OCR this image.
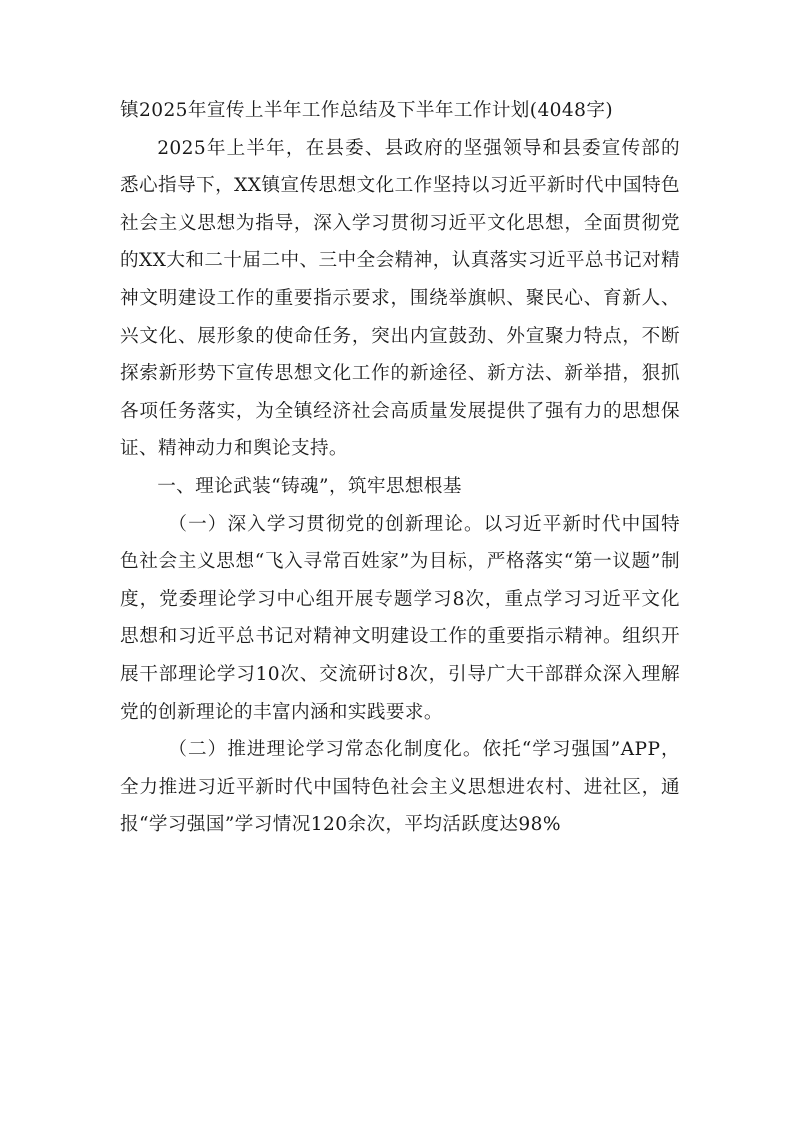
镇2025年宣传上半年工作总结及下半年工作计划(4048字)

2025年上半年，在县委、县政府的坚强领导和县委宣传部的悉心指导下，XX镇宣传思想文化工作坚持以习近平新时代中国特色社会主义思想为指导，深入学习贯彻习近平文化思想，全面贯彻党的XX大和二十届二中、三中全会精神，认真落实习近平总书记对精神文明建设工作的重要指示要求，围绕举旗帜、聚民心、育新人、兴文化、展形象的使命任务，突出内宣鼓劲、外宣聚力特点，不断探索新形势下宣传思想文化工作的新途径、新方法、新举措，狠抓各项任务落实，为全镇经济社会高质量发展提供了强有力的思想保证、精神动力和舆论支持。

一、理论武装“铸魂”，筑牢思想根基

（一）深入学习贯彻党的创新理论。以习近平新时代中国特色社会主义思想“飞入寻常百姓家”为目标，严格落实“第一议题”制度，党委理论学习中心组开展专题学习8次，重点学习习近平文化思想和习近平总书记对精神文明建设工作的重要指示精神。组织开展干部理论学习10次、交流研讨8次，引导广大干部群众深入理解党的创新理论的丰富内涵和实践要求。

（二）推进理论学习常态化制度化。依托“学习强国”APP，全力推进习近平新时代中国特色社会主义思想进农村、进社区，通报“学习强国”学习情况120余次，平均活跃度达98%
